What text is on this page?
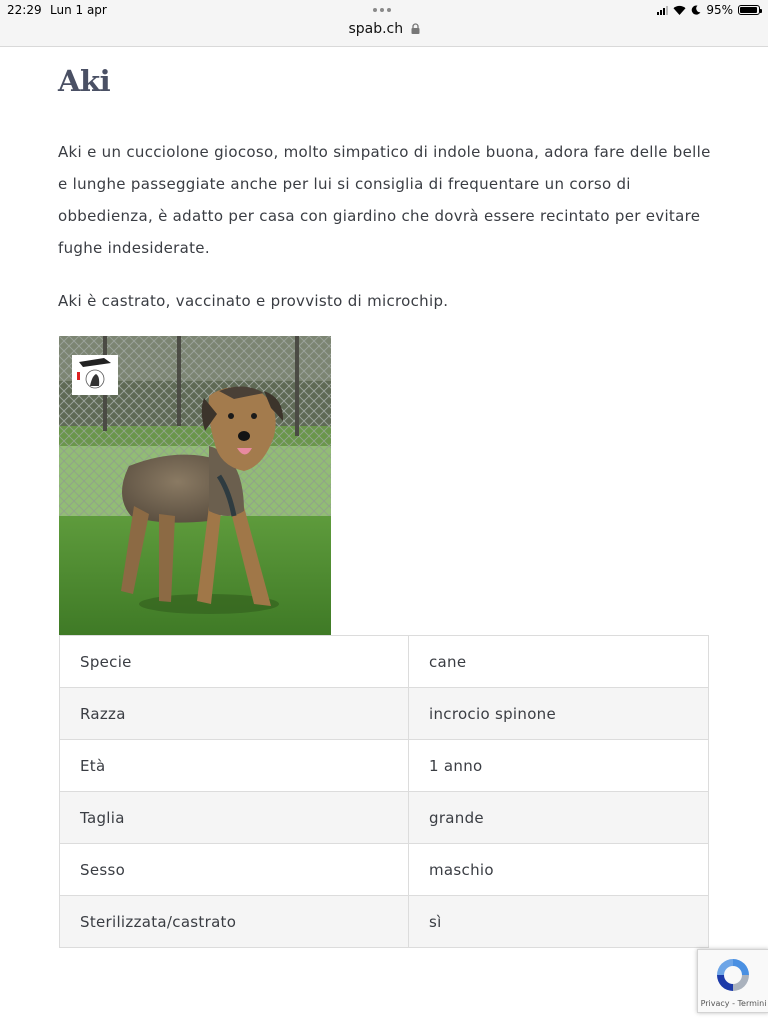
spab.ch
22:29 Lun 1 apr	95%
Aki

Aki e un cucciolone giocoso, molto simpatico di indole buona, adora fare delle belle e lunghe passeggiate anche per lui si consiglia di frequentare un corso di obbedienza, è adatto per casa con giardino che dovrà essere recintato per evitare fughe indesiderate.

Aki è castrato, vaccinato e provvisto di microchip.

Specie	cane
Razza	incrocio spinone
Età	1 anno
Taglia	grande
Sesso	maschio
Sterilizzata/castrato	sì
Privacy - Termini
